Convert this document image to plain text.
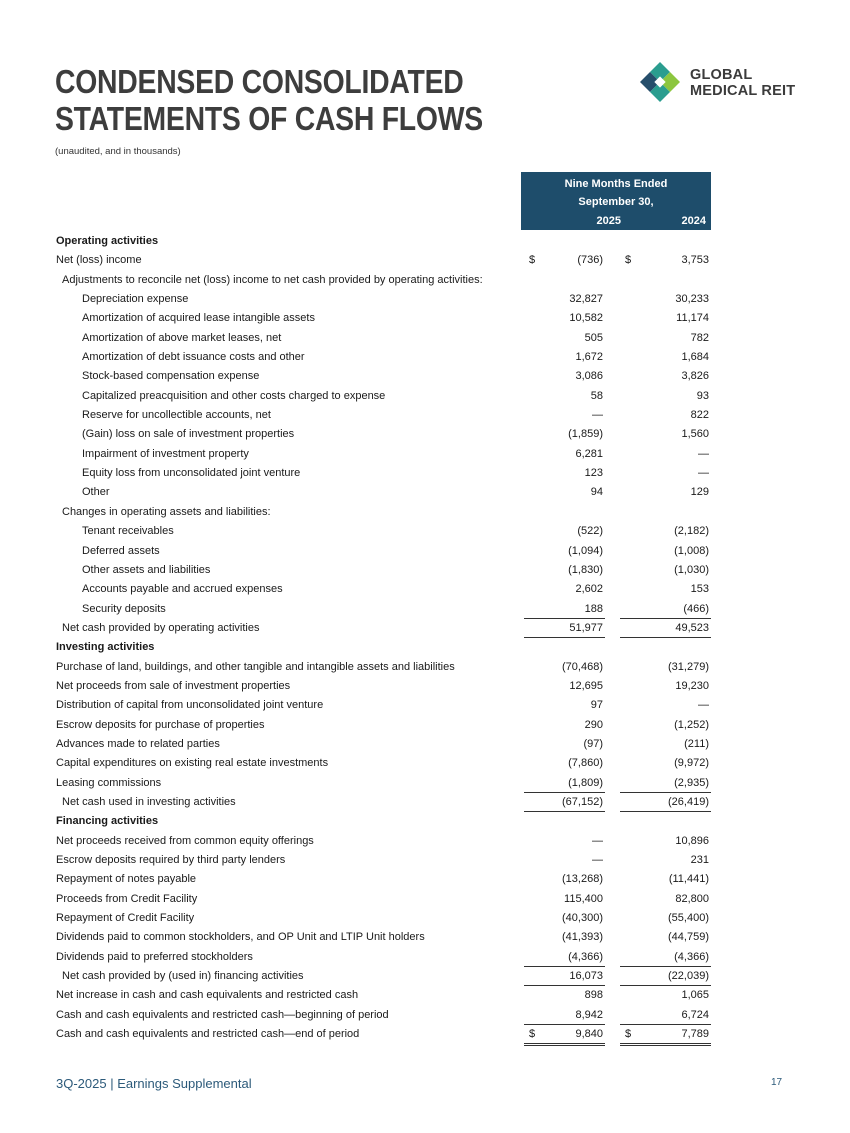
CONDENSED CONSOLIDATED
STATEMENTS OF CASH FLOWS
(unaudited, and in thousands)
GLOBAL
MEDICAL REIT
Nine Months Ended
September 30,
2025	2024
Operating activities
Net (loss) income	$	(736) $	3,753
Adjustments to reconcile net (loss) income to net cash provided by operating activities:
Depreciation expense	32,827	30,233
Amortization of acquired lease intangible assets	10,582	11,174
Amortization of above market leases, net	505	782
Amortization of debt issuance costs and other	1,672	1,684
Stock-based compensation expense	3,086	3,826
Capitalized preacquisition and other costs charged to expense	58	93
Reserve for uncollectible accounts, net	—	822
(Gain) loss on sale of investment properties	(1,859)	1,560
Impairment of investment property	6,281	—
Equity loss from unconsolidated joint venture	123	—
Other	94	129
Changes in operating assets and liabilities:
Tenant receivables	(522)	(2,182)
Deferred assets	(1,094)	(1,008)
Other assets and liabilities	(1,830)	(1,030)
Accounts payable and accrued expenses	2,602	153
Security deposits	188	(466)
Net cash provided by operating activities	51,977	49,523
Investing activities
Purchase of land, buildings, and other tangible and intangible assets and liabilities	(70,468)	(31,279)
Net proceeds from sale of investment properties	12,695	19,230
Distribution of capital from unconsolidated joint venture	97	—
Escrow deposits for purchase of properties	290	(1,252)
Advances made to related parties	(97)	(211)
Capital expenditures on existing real estate investments	(7,860)	(9,972)
Leasing commissions	(1,809)	(2,935)
Net cash used in investing activities	(67,152)	(26,419)
Financing activities
Net proceeds received from common equity offerings	—	10,896
Escrow deposits required by third party lenders	—	231
Repayment of notes payable	(13,268)	(11,441)
Proceeds from Credit Facility	115,400	82,800
Repayment of Credit Facility	(40,300)	(55,400)
Dividends paid to common stockholders, and OP Unit and LTIP Unit holders	(41,393)	(44,759)
Dividends paid to preferred stockholders	(4,366)	(4,366)
Net cash provided by (used in) financing activities	16,073	(22,039)
Net increase in cash and cash equivalents and restricted cash	898	1,065
Cash and cash equivalents and restricted cash—beginning of period	8,942	6,724
Cash and cash equivalents and restricted cash—end of period	$	9,840 $	7,789
3Q-2025 | Earnings Supplemental	17
